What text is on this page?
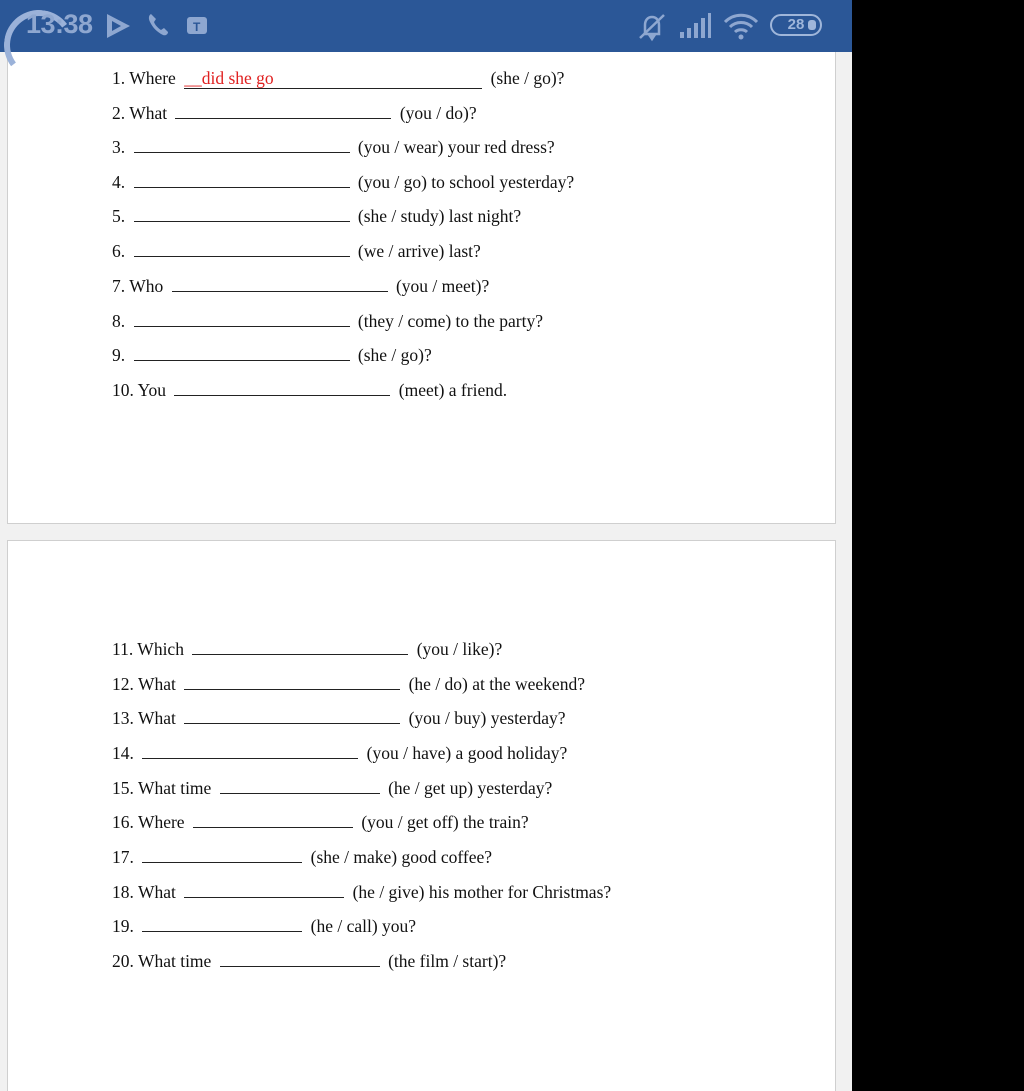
1. Where __did she go	(she / go)?
2. What	(you / do)?
3.	(you / wear) your red dress?
4.	(you / go) to school yesterday?
5.	(she / study) last night?
6.	(we / arrive) last?
7. Who	(you / meet)?
8.	(they / come) to the party?
9.	(she / go)?
10. You	(meet) a friend.
11. Which	(you / like)?
12. What	(he / do) at the weekend?
13. What	(you / buy) yesterday?
14.	(you / have) a good holiday?
15. What time	(he / get up) yesterday?
16. Where	(you / get off) the train?
17.	(she / make) good coffee?
18. What	(he / give) his mother for Christmas?
19.	(he / call) you?
20. What time	(the film / start)?
13:38	T	28
